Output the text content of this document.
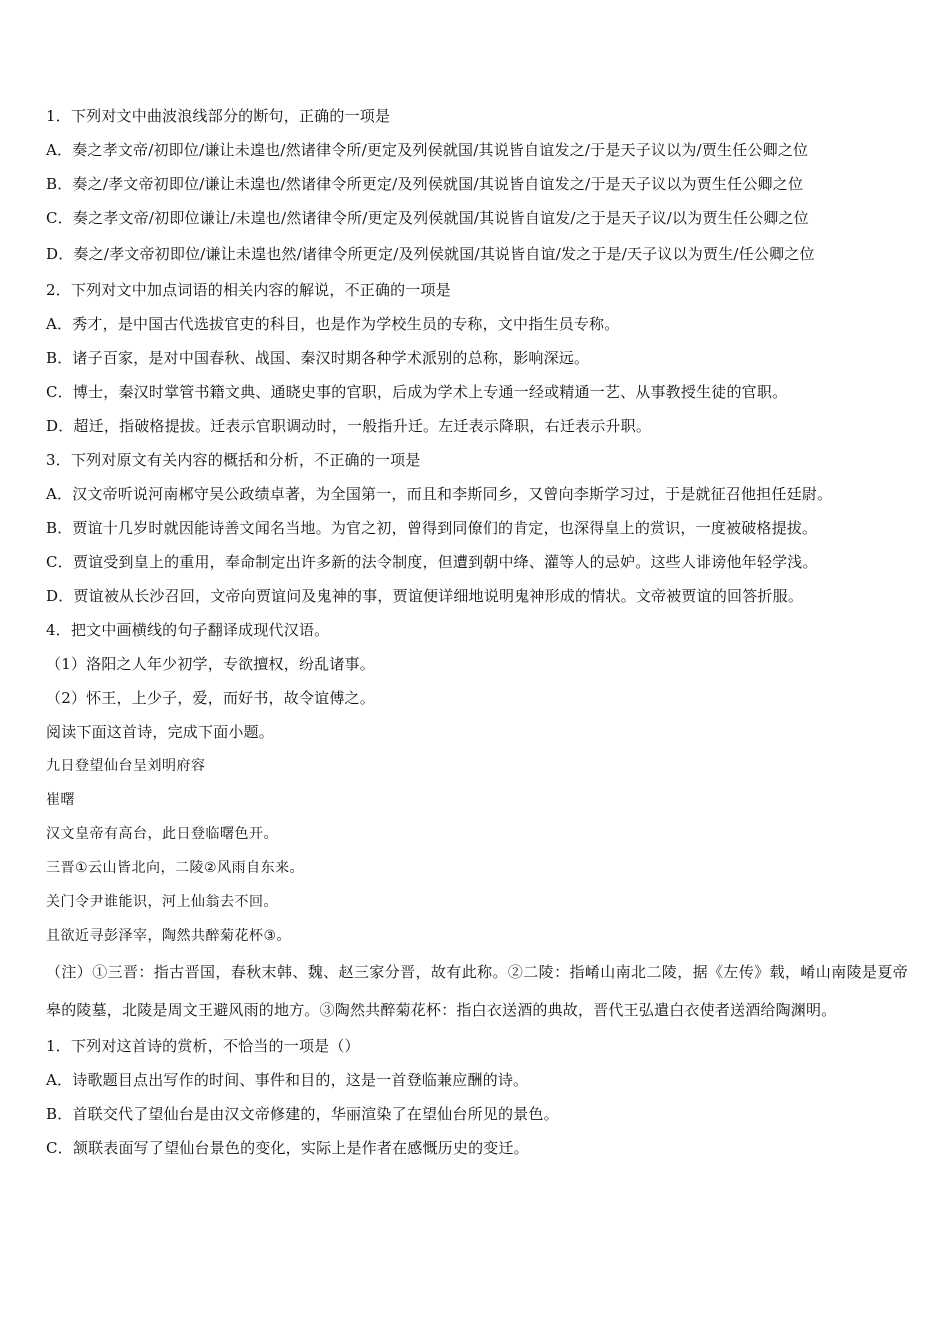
1．下列对文中曲波浪线部分的断句，正确的一项是
A．奏之孝文帝/初即位/谦让未遑也/然诸律令所/更定及列侯就国/其说皆自谊发之/于是天子议以为/贾生任公卿之位
B．奏之/孝文帝初即位/谦让未遑也/然诸律令所更定/及列侯就国/其说皆自谊发之/于是天子议以为贾生任公卿之位
C．奏之孝文帝/初即位谦让/未遑也/然诸律令所/更定及列侯就国/其说皆自谊发/之于是天子议/以为贾生任公卿之位
D．奏之/孝文帝初即位/谦让未遑也然/诸律令所更定/及列侯就国/其说皆自谊/发之于是/天子议以为贾生/任公卿之位
2．下列对文中加点词语的相关内容的解说，不正确的一项是
A．秀才，是中国古代选拔官吏的科目，也是作为学校生员的专称，文中指生员专称。
B．诸子百家，是对中国春秋、战国、秦汉时期各种学术派别的总称，影响深远。
C．博士，秦汉时掌管书籍文典、通晓史事的官职，后成为学术上专通一经或精通一艺、从事教授生徒的官职。
D．超迁，指破格提拔。迁表示官职调动时，一般指升迁。左迁表示降职，右迁表示升职。
3．下列对原文有关内容的概括和分析，不正确的一项是
A．汉文帝听说河南郴守吴公政绩卓著，为全国第一，而且和李斯同乡，又曾向李斯学习过，于是就征召他担任廷尉。
B．贾谊十几岁时就因能诗善文闻名当地。为官之初，曾得到同僚们的肯定，也深得皇上的赏识，一度被破格提拔。
C．贾谊受到皇上的重用，奉命制定出许多新的法令制度，但遭到朝中绛、灌等人的忌妒。这些人诽谤他年轻学浅。
D．贾谊被从长沙召回，文帝向贾谊问及鬼神的事，贾谊便详细地说明鬼神形成的情状。文帝被贾谊的回答折服。
4．把文中画横线的句子翻译成现代汉语。
（1）洛阳之人年少初学，专欲擅权，纷乱诸事。
（2）怀王，上少子，爱，而好书，故令谊傅之。
阅读下面这首诗，完成下面小题。
九日登望仙台呈刘明府容
崔曙
汉文皇帝有高台，此日登临曙色开。
三晋①云山皆北向，二陵②风雨自东来。
关门令尹谁能识，河上仙翁去不回。
且欲近寻彭泽宰，陶然共醉菊花杯③。
（注）①三晋：指古晋国，春秋末韩、魏、赵三家分晋，故有此称。②二陵：指崤山南北二陵，据《左传》载，崤山南陵是夏帝皋的陵墓，北陵是周文王避风雨的地方。③陶然共醉菊花杯：指白衣送酒的典故，晋代王弘遣白衣使者送酒给陶渊明。
1．下列对这首诗的赏析，不恰当的一项是（）
A．诗歌题目点出写作的时间、事件和目的，这是一首登临兼应酬的诗。
B．首联交代了望仙台是由汉文帝修建的，华丽渲染了在望仙台所见的景色。
C．颔联表面写了望仙台景色的变化，实际上是作者在感慨历史的变迁。
